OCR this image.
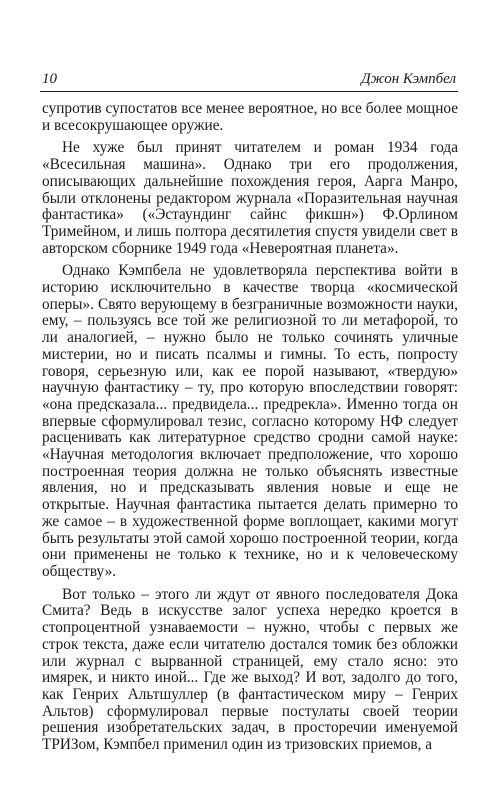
10	Джон Кэмпбел

супротив супостатов все менее вероятное, но все более мощное и всесокрушающее оружие.

Не хуже был принят читателем и роман 1934 года «Всесильная машина». Однако три его продолжения, описывающих дальнейшие похождения героя, Аарга Манро, были отклонены редактором журнала «Поразительная научная фантастика» («Эстаундинг сайнс фикшн») Ф.Орлином Тримейном, и лишь полтора десятилетия спустя увидели свет в авторском сборнике 1949 года «Невероятная планета».

Однако Кэмпбела не удовлетворяла перспектива войти в историю исключительно в качестве творца «космической оперы». Свято верующему в безграничные возможности науки, ему, – пользуясь все той же религиозной то ли метафорой, то ли аналогией, – нужно было не только сочинять уличные мистерии, но и писать псалмы и гимны. То есть, попросту говоря, серьезную или, как ее порой называют, «твердую» научную фантастику – ту, про которую впоследствии говорят: «она предсказала... предвидела... предрекла». Именно тогда он впервые сформулировал тезис, согласно которому НФ следует расценивать как литературное средство сродни самой науке: «Научная методология включает предположение, что хорошо построенная теория должна не только объяснять известные явления, но и предсказывать явления новые и еще не открытые. Научная фантастика пытается делать примерно то же самое – в художественной форме воплощает, какими могут быть результаты этой самой хорошо построенной теории, когда они применены не только к технике, но и к человеческому обществу».

Вот только – этого ли ждут от явного последователя Дока Смита? Ведь в искусстве залог успеха нередко кроется в стопроцентной узнаваемости – нужно, чтобы с первых же строк текста, даже если читателю достался томик без обложки или журнал с вырванной страницей, ему стало ясно: это имярек, и никто иной... Где же выход? И вот, задолго до того, как Генрих Альтшуллер (в фантастическом миру – Генрих Альтов) сформулировал первые постулаты своей теории решения изобретательских задач, в просторечии именуемой ТРИЗом, Кэмпбел применил один из тризовских приемов, а
